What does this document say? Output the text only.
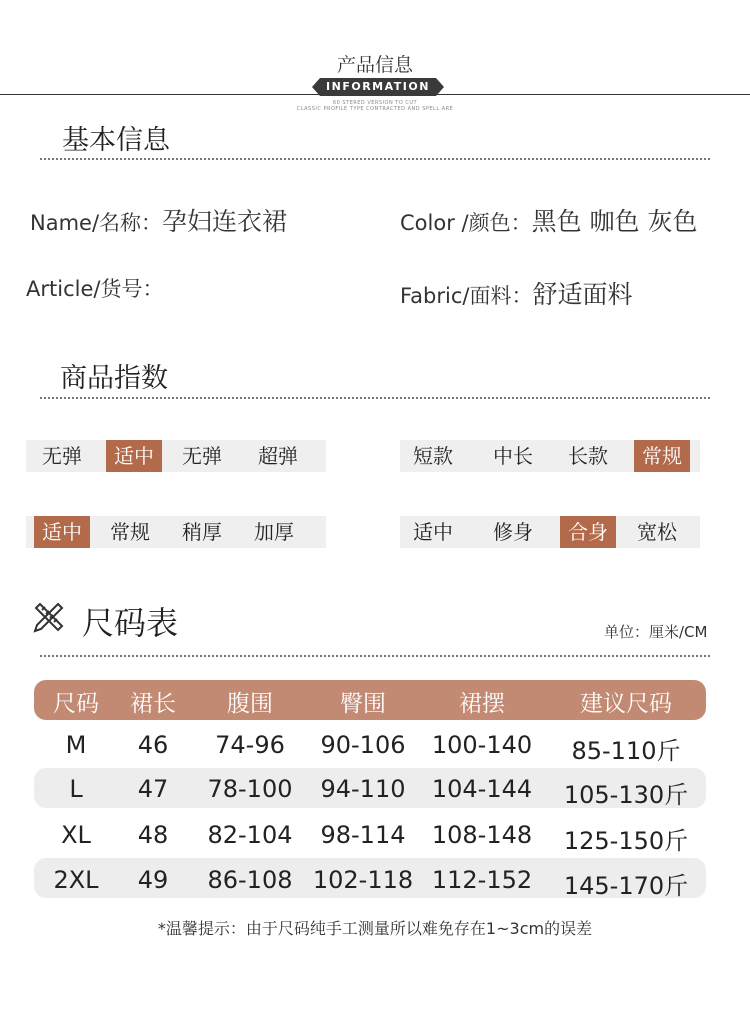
产品信息
INFORMATION
60 STERED VERSION TO CUT
CLASSIC PROFILE TYPE CONTRACTED AND SPELL ARE
基本信息
Name/名称：孕妇连衣裙	Color /颜色：黑色 咖色 灰色
Article/货号：	Fabric/面料：舒适面料
商品指数
无弹	适中	无弹	超弹	短款	中长	长款	常规
适中	常规	稍厚	加厚	适中	修身	合身	宽松
尺码表	单位：厘米/CM
尺码	裙长	腹围	臀围	裙摆	建议尺码
M	46	74-96	90-106	100-140	85-110斤
L	47	78-100	94-110	104-144	105-130斤
XL	48	82-104	98-114	108-148	125-150斤
2XL	49	86-108 102-118 112-152	145-170斤
*温馨提示：由于尺码纯手工测量所以难免存在1~3cm的误差
